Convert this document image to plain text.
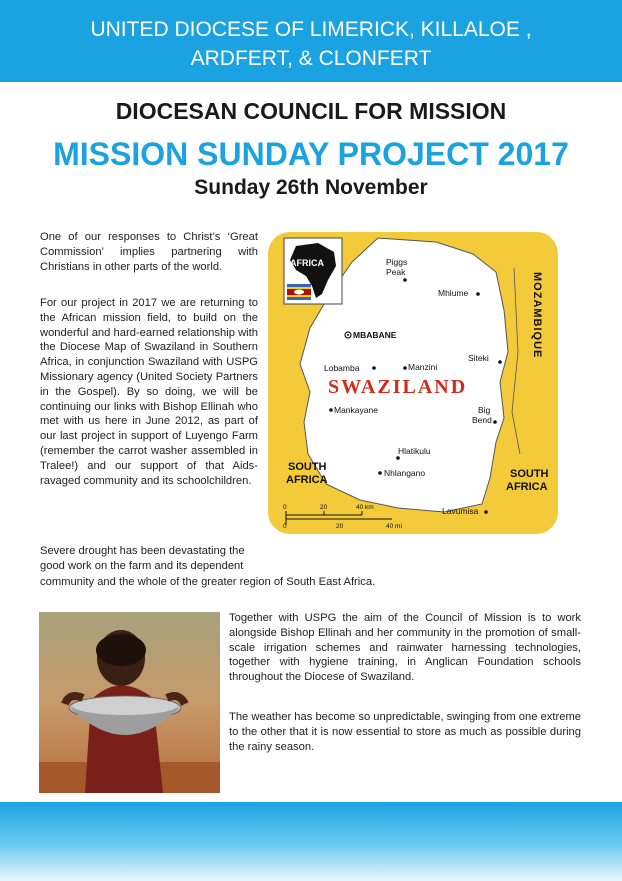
UNITED DIOCESE OF LIMERICK, KILLALOE ,
ARDFERT, & CLONFERT
DIOCESAN COUNCIL FOR MISSION
MISSION SUNDAY PROJECT 2017
Sunday 26th November

One of our responses to Christ’s ‘Great Commission’ implies partnering with Christians in other parts of the world.

For our project in 2017 we are returning to the African mission field, to build on the wonderful and hard-earned relationship with the Diocese Map of Swaziland in Southern Africa, in conjunction Swaziland with USPG Missionary agency (United Society Partners in the Gospel). By so doing, we will be continuing our links with Bishop Ellinah who met with us here in June 2012, as part of our last project in support of Luyengo Farm (remember the carrot washer assembled in Tralee!) and our support of that Aids-ravaged community and its schoolchildren.

Severe drought has been devastating the

good work on the farm and its dependent

community and the whole of the greater region of South East Africa.

Together with USPG the aim of the Council of Mission is to work alongside Bishop Ellinah and her community in the promotion of small-scale irrigation schemes and rainwater harnessing technologies, together with hygiene training, in Anglican Foundation schools throughout the Diocese of Swaziland.

The weather has become so unpredictable, swinging from one extreme to the other that it is now essential to store as much as possible during the rainy season.

AFRICA	Piggs
Peak
Mhlume
MBABANE
Lobamba	Manzini
Siteki
Mankayane	Big
Bend
Hlatikulu
Nhlangano
Lavumisa
SWAZILAND
MOZAMBIQUE
SOUTH
AFRICA	SOUTH
AFRICA
0	20	40 km
0	20	40 mi
